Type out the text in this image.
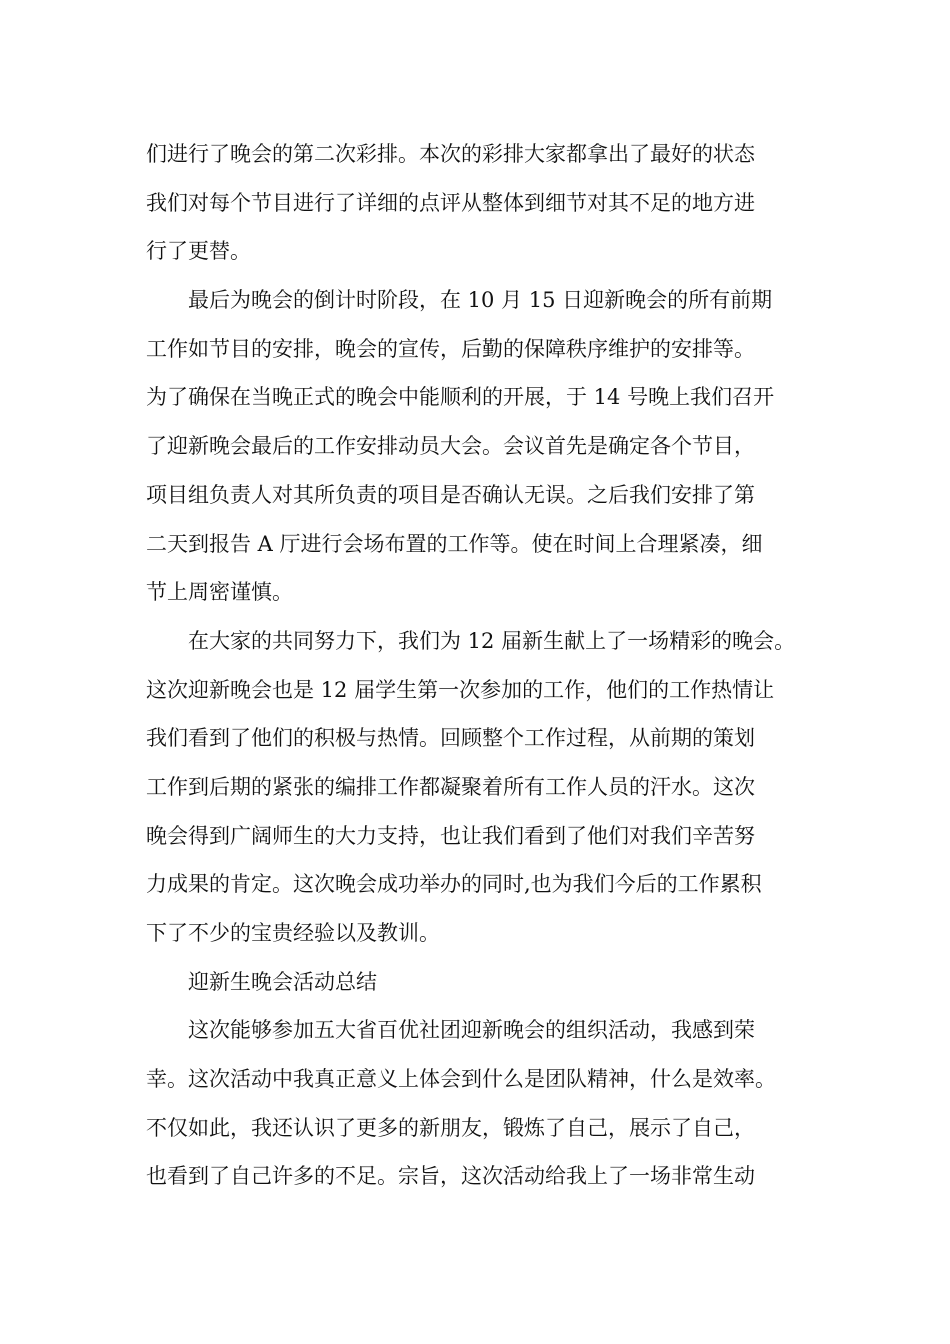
们进行了晚会的第二次彩排。本次的彩排大家都拿出了最好的状态
我们对每个节目进行了详细的点评从整体到细节对其不足的地方进
行了更替。
最后为晚会的倒计时阶段，在 10 月 15 日迎新晚会的所有前期
工作如节目的安排，晚会的宣传，后勤的保障秩序维护的安排等。
为了确保在当晚正式的晚会中能顺利的开展，于 14 号晚上我们召开
了迎新晚会最后的工作安排动员大会。会议首先是确定各个节目，
项目组负责人对其所负责的项目是否确认无误。之后我们安排了第
二天到报告 A 厅进行会场布置的工作等。使在时间上合理紧凑，细
节上周密谨慎。
在大家的共同努力下，我们为 12 届新生献上了一场精彩的晚会。
这次迎新晚会也是 12 届学生第一次参加的工作，他们的工作热情让
我们看到了他们的积极与热情。回顾整个工作过程，从前期的策划
工作到后期的紧张的编排工作都凝聚着所有工作人员的汗水。这次
晚会得到广阔师生的大力支持，也让我们看到了他们对我们辛苦努
力成果的肯定。这次晚会成功举办的同时,也为我们今后的工作累积
下了不少的宝贵经验以及教训。
迎新生晚会活动总结
这次能够参加五大省百优社团迎新晚会的组织活动，我感到荣
幸。这次活动中我真正意义上体会到什么是团队精神，什么是效率。
不仅如此，我还认识了更多的新朋友，锻炼了自己，展示了自己，
也看到了自己许多的不足。宗旨，这次活动给我上了一场非常生动
